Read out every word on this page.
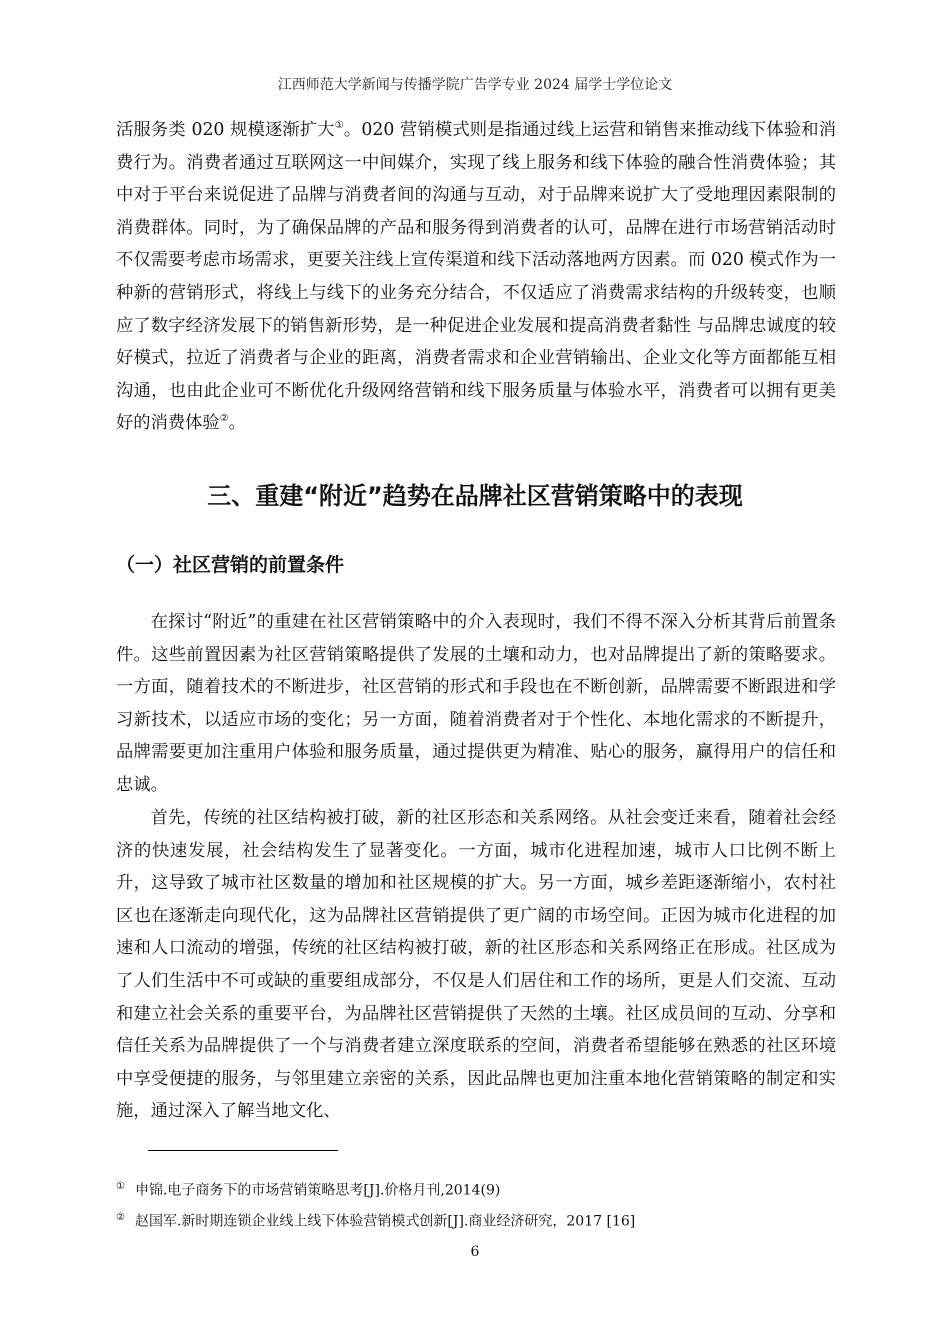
江西师范大学新闻与传播学院广告学专业 2024 届学士学位论文

活服务类 020 规模逐渐扩大①。020 营销模式则是指通过线上运营和销售来推动线下体验和消费行为。消费者通过互联网这一中间媒介，实现了线上服务和线下体验的融合性消费体验；其中对于平台来说促进了品牌与消费者间的沟通与互动，对于品牌来说扩大了受地理因素限制的消费群体。同时，为了确保品牌的产品和服务得到消费者的认可，品牌在进行市场营销活动时不仅需要考虑市场需求，更要关注线上宣传渠道和线下活动落地两方因素。而 020 模式作为一种新的营销形式，将线上与线下的业务充分结合，不仅适应了消费需求结构的升级转变，也顺应了数字经济发展下的销售新形势，是一种促进企业发展和提高消费者黏性 与品牌忠诚度的较好模式，拉近了消费者与企业的距离，消费者需求和企业营销输出、企业文化等方面都能互相沟通，也由此企业可不断优化升级网络营销和线下服务质量与体验水平，消费者可以拥有更美好的消费体验②。

三、重建“附近”趋势在品牌社区营销策略中的表现
（一）社区营销的前置条件

在探讨“附近”的重建在社区营销策略中的介入表现时，我们不得不深入分析其背后前置条件。这些前置因素为社区营销策略提供了发展的土壤和动力，也对品牌提出了新的策略要求。一方面，随着技术的不断进步，社区营销的形式和手段也在不断创新，品牌需要不断跟进和学习新技术，以适应市场的变化；另一方面，随着消费者对于个性化、本地化需求的不断提升，品牌需要更加注重用户体验和服务质量，通过提供更为精准、贴心的服务，赢得用户的信任和忠诚。

首先，传统的社区结构被打破，新的社区形态和关系网络。从社会变迁来看，随着社会经济的快速发展，社会结构发生了显著变化。一方面，城市化进程加速，城市人口比例不断上升，这导致了城市社区数量的增加和社区规模的扩大。另一方面，城乡差距逐渐缩小，农村社区也在逐渐走向现代化，这为品牌社区营销提供了更广阔的市场空间。正因为城市化进程的加速和人口流动的增强，传统的社区结构被打破，新的社区形态和关系网络正在形成。社区成为了人们生活中不可或缺的重要组成部分，不仅是人们居住和工作的场所，更是人们交流、互动和建立社会关系的重要平台，为品牌社区营销提供了天然的土壤。社区成员间的互动、分享和信任关系为品牌提供了一个与消费者建立深度联系的空间，消费者希望能够在熟悉的社区环境中享受便捷的服务，与邻里建立亲密的关系，因此品牌也更加注重本地化营销策略的制定和实施，通过深入了解当地文化、

① 申锦.电子商务下的市场营销策略思考[J].价格月刊,2014(9)
② 赵国军.新时期连锁企业线上线下体验营销模式创新[J].商业经济研究，2017 [16]
6
